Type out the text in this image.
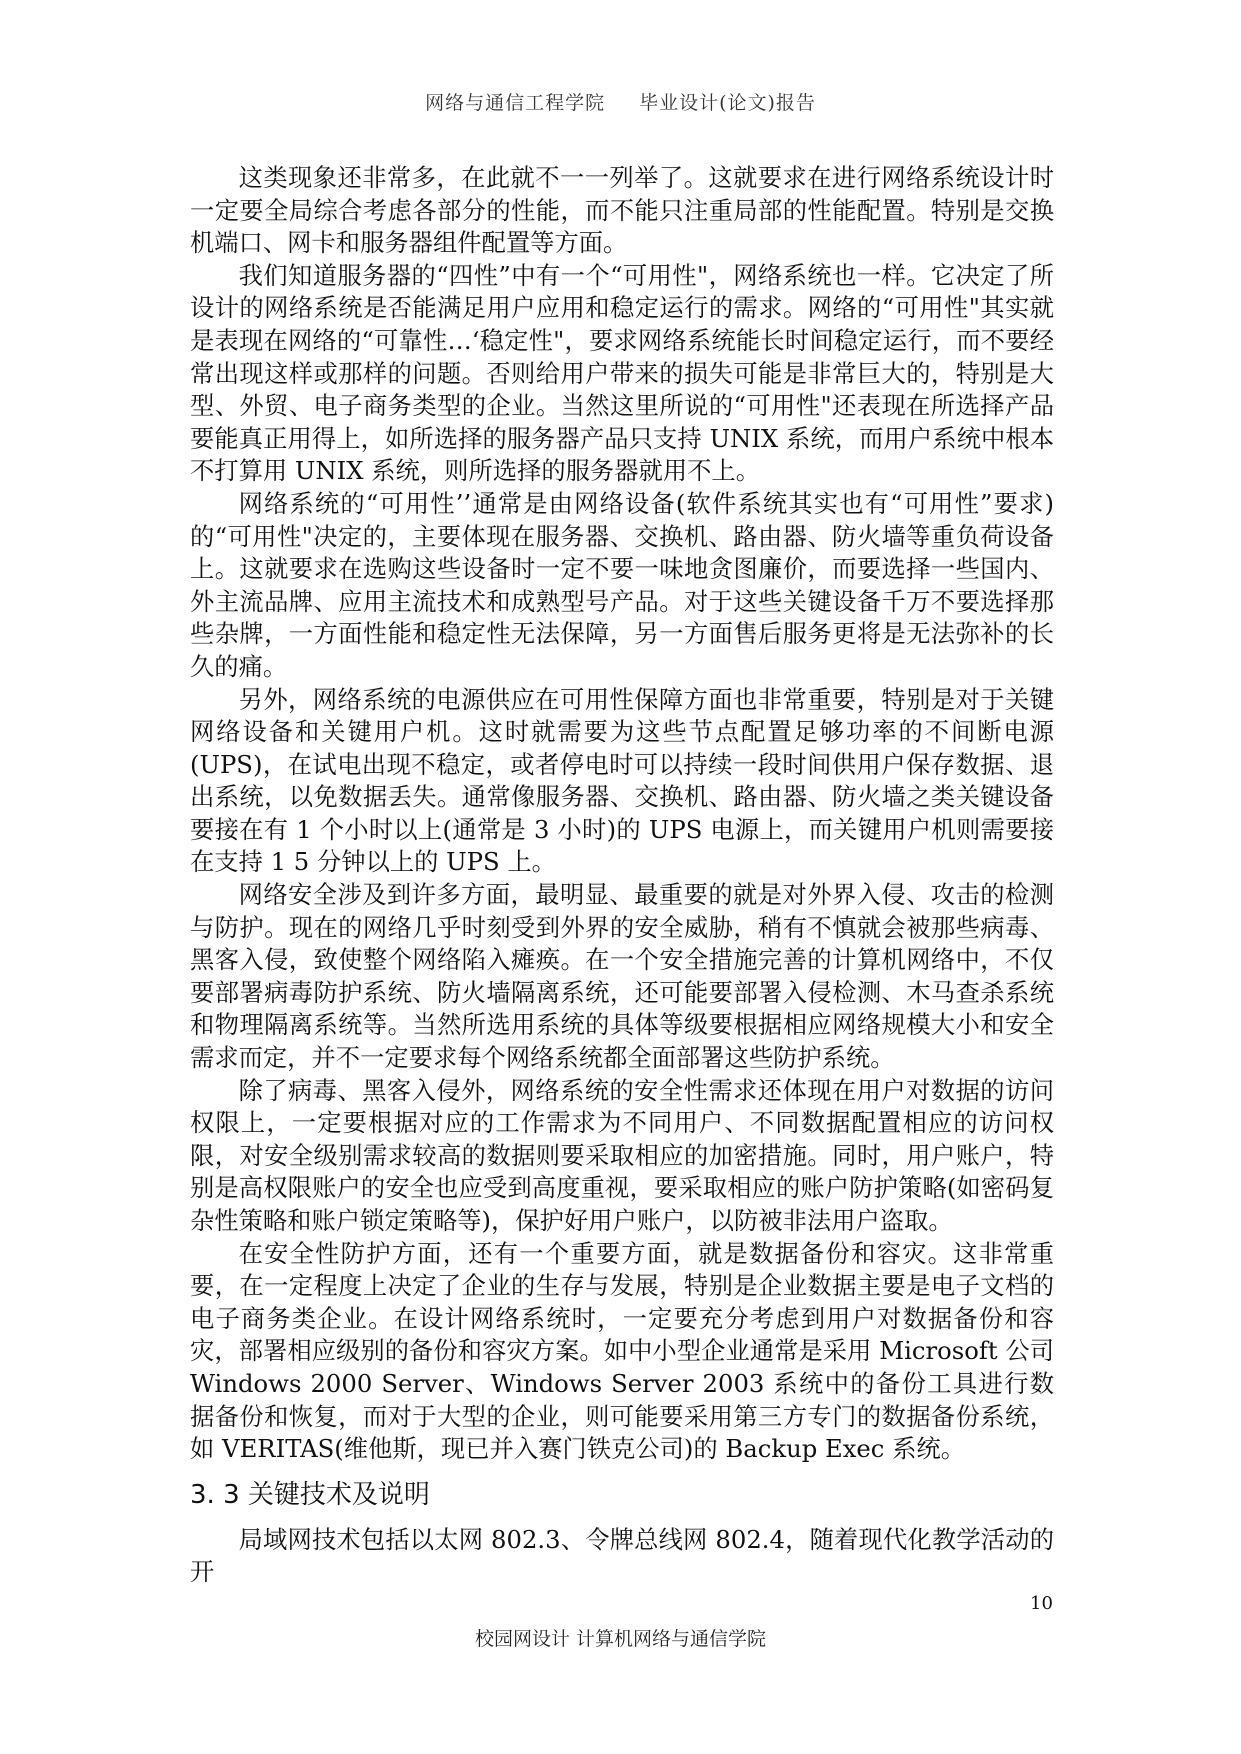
网络与通信工程学院 毕业设计(论文)报告

这类现象还非常多，在此就不一一列举了。这就要求在进行网络系统设计时一定要全局综合考虑各部分的性能，而不能只注重局部的性能配置。特别是交换机端口、网卡和服务器组件配置等方面。

我们知道服务器的“四性”中有一个“可用性"，网络系统也一样。它决定了所设计的网络系统是否能满足用户应用和稳定运行的需求。网络的“可用性"其实就是表现在网络的“可靠性…‘稳定性"，要求网络系统能长时间稳定运行，而不要经常出现这样或那样的问题。否则给用户带来的损失可能是非常巨大的，特别是大型、外贸、电子商务类型的企业。当然这里所说的“可用性"还表现在所选择产品要能真正用得上，如所选择的服务器产品只支持 UNIX 系统，而用户系统中根本不打算用 UNIX 系统，则所选择的服务器就用不上。

网络系统的“可用性’’通常是由网络设备(软件系统其实也有“可用性”要求)的“可用性"决定的，主要体现在服务器、交换机、路由器、防火墙等重负荷设备上。这就要求在选购这些设备时一定不要一味地贪图廉价，而要选择一些国内、外主流品牌、应用主流技术和成熟型号产品。对于这些关键设备千万不要选择那些杂牌，一方面性能和稳定性无法保障，另一方面售后服务更将是无法弥补的长久的痛。

另外，网络系统的电源供应在可用性保障方面也非常重要，特别是对于关键网络设备和关键用户机。这时就需要为这些节点配置足够功率的不间断电源(UPS)，在试电出现不稳定，或者停电时可以持续一段时间供用户保存数据、退出系统，以免数据丢失。通常像服务器、交换机、路由器、防火墙之类关键设备要接在有 1 个小时以上(通常是 3 小时)的 UPS 电源上，而关键用户机则需要接在支持 1 5 分钟以上的 UPS 上。

网络安全涉及到许多方面，最明显、最重要的就是对外界入侵、攻击的检测与防护。现在的网络几乎时刻受到外界的安全威胁，稍有不慎就会被那些病毒、黑客入侵，致使整个网络陷入瘫痪。在一个安全措施完善的计算机网络中，不仅要部署病毒防护系统、防火墙隔离系统，还可能要部署入侵检测、木马查杀系统和物理隔离系统等。当然所选用系统的具体等级要根据相应网络规模大小和安全需求而定，并不一定要求每个网络系统都全面部署这些防护系统。

除了病毒、黑客入侵外，网络系统的安全性需求还体现在用户对数据的访问权限上，一定要根据对应的工作需求为不同用户、不同数据配置相应的访问权限，对安全级别需求较高的数据则要采取相应的加密措施。同时，用户账户，特别是高权限账户的安全也应受到高度重视，要采取相应的账户防护策略(如密码复杂性策略和账户锁定策略等)，保护好用户账户，以防被非法用户盗取。

在安全性防护方面，还有一个重要方面，就是数据备份和容灾。这非常重要，在一定程度上决定了企业的生存与发展，特别是企业数据主要是电子文档的电子商务类企业。在设计网络系统时，一定要充分考虑到用户对数据备份和容灾，部署相应级别的备份和容灾方案。如中小型企业通常是采用 Microsoft 公司 Windows 2000 Server、Windows Server 2003 系统中的备份工具进行数据备份和恢复，而对于大型的企业，则可能要采用第三方专门的数据备份系统，如 VERITAS(维他斯，现已并入赛门铁克公司)的 Backup Exec 系统。

3. 3 关键技术及说明

局域网技术包括以太网 802.3、令牌总线网 802.4，随着现代化教学活动的开

10
校园网设计 计算机网络与通信学院
